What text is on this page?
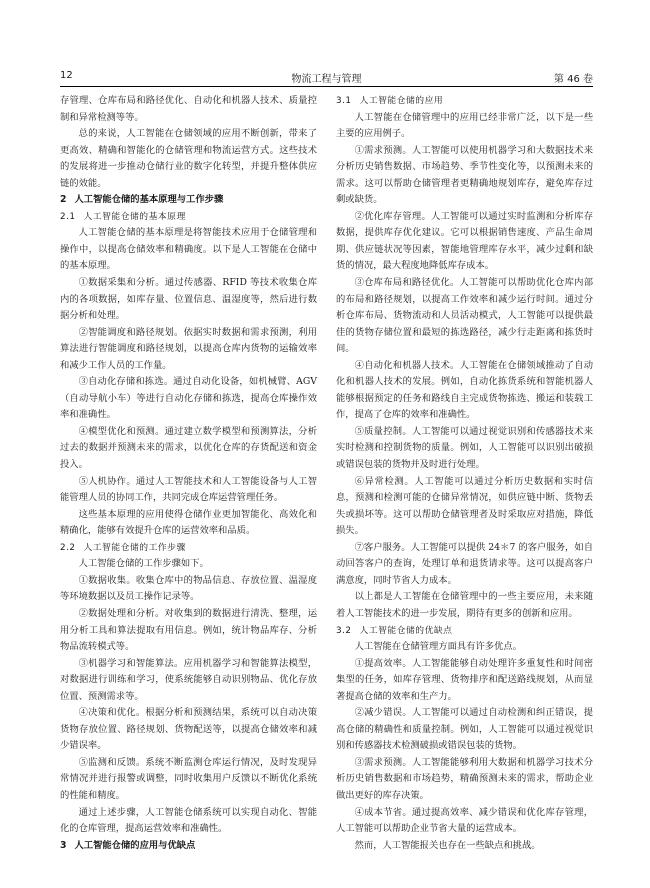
12	物流工程与管理	第 46 卷

存管理、仓库布局和路径优化、自动化和机器人技术、质量控制和异常检测等等。

总的来说，人工智能在仓储领域的应用不断创新，带来了更高效、精确和智能化的仓储管理和物流运营方式。这些技术的发展将进一步推动仓储行业的数字化转型，并提升整体供应链的效能。

2 人工智能仓储的基本原理与工作步骤
2.1 人工智能仓储的基本原理

人工智能仓储的基本原理是将智能技术应用于仓储管理和操作中，以提高仓储效率和精确度。以下是人工智能在仓储中的基本原理。

①数据采集和分析。通过传感器、RFID 等技术收集仓库内的各项数据，如库存量、位置信息、温湿度等，然后进行数据分析和处理。

②智能调度和路径规划。依据实时数据和需求预测，利用算法进行智能调度和路径规划，以提高仓库内货物的运输效率和减少工作人员的工作量。

③自动化存储和拣选。通过自动化设备，如机械臂、AGV（自动导航小车）等进行自动化存储和拣选，提高仓库操作效率和准确性。

④模型优化和预测。通过建立数学模型和预测算法，分析过去的数据并预测未来的需求，以优化仓库的存货配送和资金投入。

⑤人机协作。通过人工智能技术和人工智能设备与人工智能管理人员的协同工作，共同完成仓库运营管理任务。

这些基本原理的应用使得仓储作业更加智能化、高效化和精确化，能够有效提升仓库的运营效率和品质。

2.2 人工智能仓储的工作步骤

人工智能仓储的工作步骤如下。

①数据收集。收集仓库中的物品信息、存放位置、温湿度等环境数据以及员工操作记录等。

②数据处理和分析。对收集到的数据进行清洗、整理，运用分析工具和算法提取有用信息。例如，统计物品库存、分析物品流转模式等。

③机器学习和智能算法。应用机器学习和智能算法模型，对数据进行训练和学习，使系统能够自动识别物品、优化存放位置、预测需求等。

④决策和优化。根据分析和预测结果，系统可以自动决策货物存放位置、路径规划、货物配送等，以提高仓储效率和减少错误率。

⑤监测和反馈。系统不断监测仓库运行情况，及时发现异常情况并进行报警或调整，同时收集用户反馈以不断优化系统的性能和精度。

通过上述步骤，人工智能仓储系统可以实现自动化、智能化的仓库管理，提高运营效率和准确性。

3 人工智能仓储的应用与优缺点
3.1 人工智能仓储的应用

人工智能在仓储管理中的应用已经非常广泛，以下是一些主要的应用例子。

①需求预测。人工智能可以使用机器学习和大数据技术来分析历史销售数据、市场趋势、季节性变化等，以预测未来的需求。这可以帮助仓储管理者更精确地规划库存，避免库存过剩或缺货。

②优化库存管理。人工智能可以通过实时监测和分析库存数据，提供库存优化建议。它可以根据销售速度、产品生命周期、供应链状况等因素，智能地管理库存水平，减少过剩和缺货的情况，最大程度地降低库存成本。

③仓库布局和路径优化。人工智能可以帮助优化仓库内部的布局和路径规划，以提高工作效率和减少运行时间。通过分析仓库布局、货物流动和人员活动模式，人工智能可以提供最佳的货物存储位置和最短的拣选路径，减少行走距离和拣货时间。

④自动化和机器人技术。人工智能在仓储领域推动了自动化和机器人技术的发展。例如，自动化拣货系统和智能机器人能够根据预定的任务和路线自主完成货物拣选、搬运和装载工作，提高了仓库的效率和准确性。

⑤质量控制。人工智能可以通过视觉识别和传感器技术来实时检测和控制货物的质量。例如，人工智能可以识别出破损或错误包装的货物并及时进行处理。

⑥异常检测。人工智能可以通过分析历史数据和实时信息，预测和检测可能的仓储异常情况，如供应链中断、货物丢失或损坏等。这可以帮助仓储管理者及时采取应对措施，降低损失。

⑦客户服务。人工智能可以提供 24＊7 的客户服务，如自动回答客户的查询，处理订单和退货请求等。这可以提高客户满意度，同时节省人力成本。

以上都是人工智能在仓储管理中的一些主要应用，未来随着人工智能技术的进一步发展，期待有更多的创新和应用。

3.2 人工智能仓储的优缺点

人工智能在仓储管理方面具有许多优点。

①提高效率。人工智能能够自动处理许多重复性和时间密集型的任务，如库存管理、货物排序和配送路线规划，从而显著提高仓储的效率和生产力。

②减少错误。人工智能可以通过自动检测和纠正错误，提高仓储的精确性和质量控制。例如，人工智能可以通过视觉识别和传感器技术检测破损或错误包装的货物。

③需求预测。人工智能能够利用大数据和机器学习技术分析历史销售数据和市场趋势，精确预测未来的需求，帮助企业做出更好的库存决策。

④成本节省。通过提高效率、减少错误和优化库存管理，人工智能可以帮助企业节省大量的运营成本。

然而，人工智能报关也存在一些缺点和挑战。
